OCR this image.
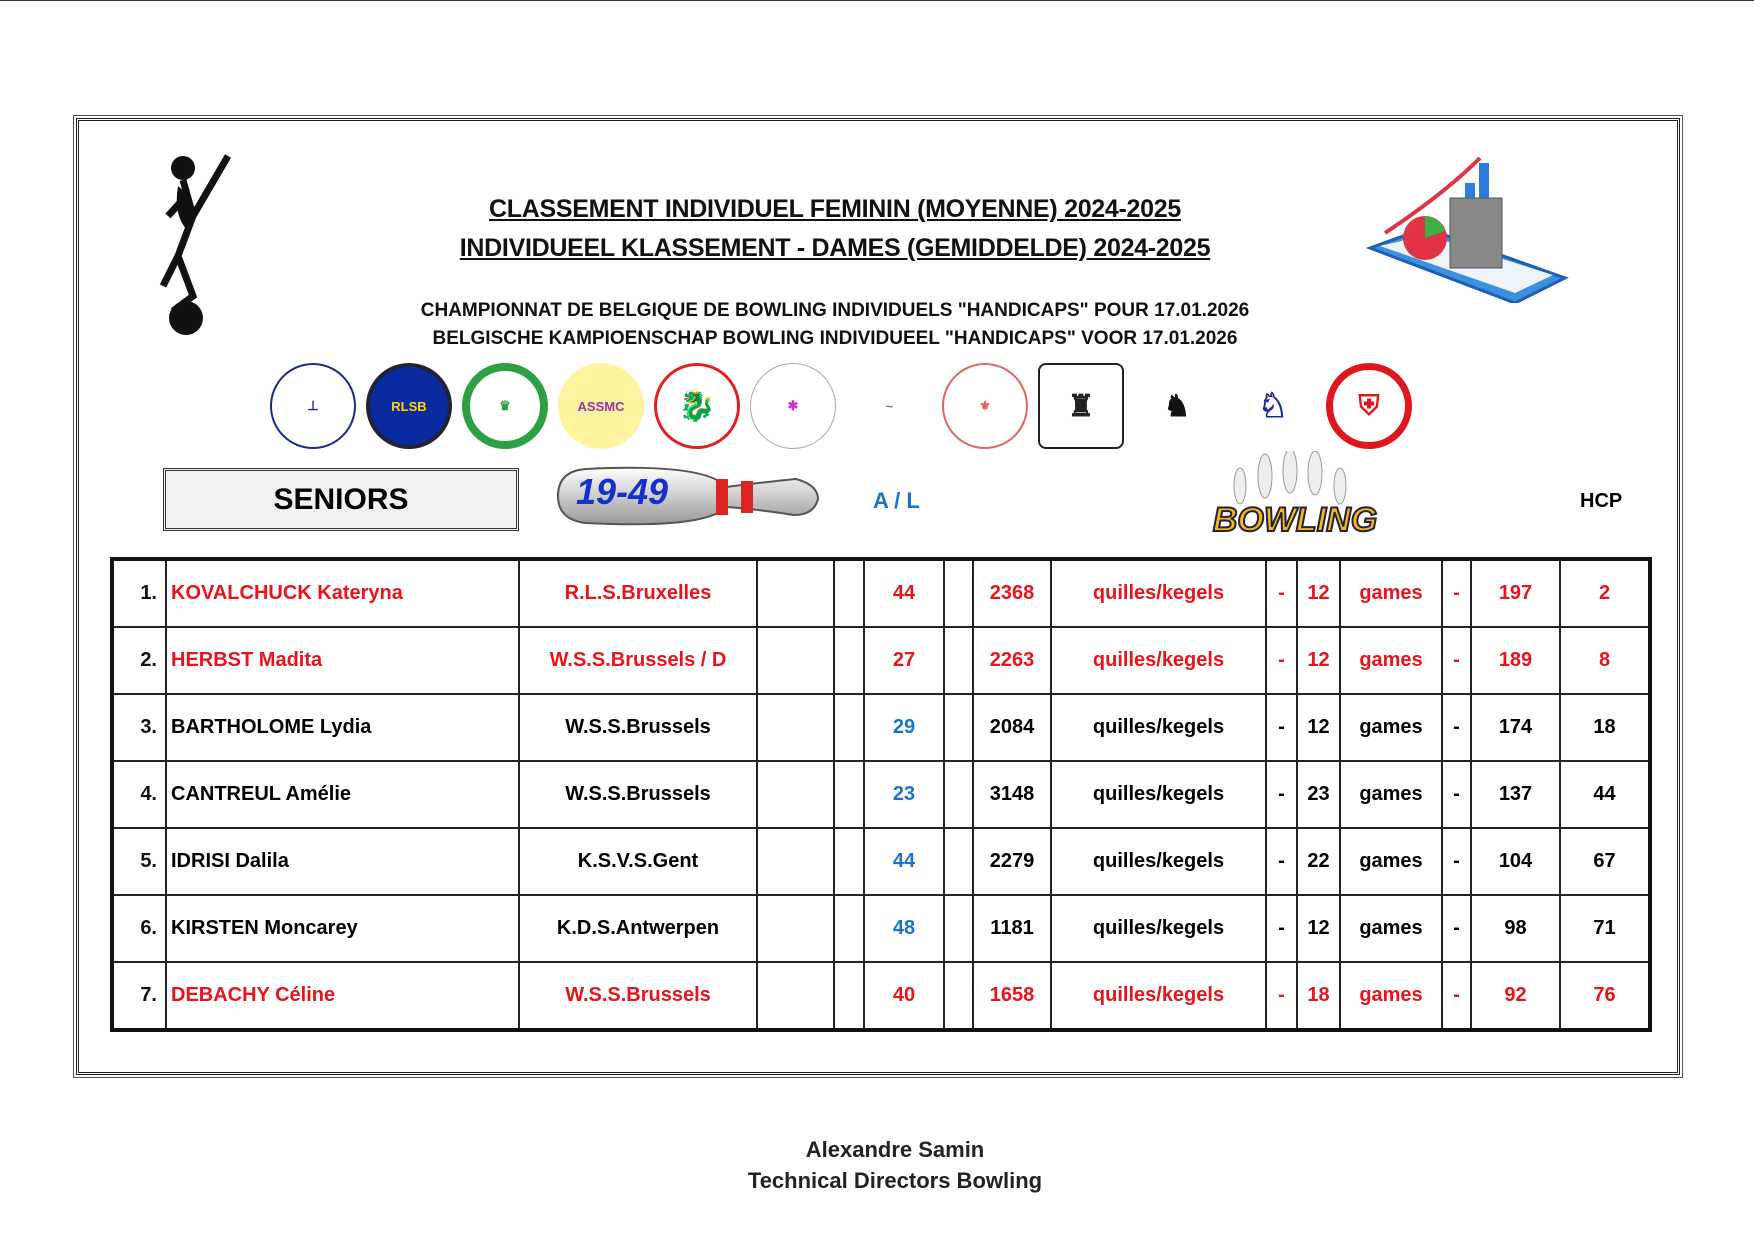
CLASSEMENT INDIVIDUEL FEMININ (MOYENNE) 2024-2025
INDIVIDUEEL KLASSEMENT - DAMES (GEMIDDELDE) 2024-2025
CHAMPIONNAT DE BELGIQUE DE BOWLING INDIVIDUELS "HANDICAPS" POUR 17.01.2026
BELGISCHE KAMPIOENSCHAP BOWLING INDIVIDUEEL "HANDICAPS" VOOR 17.01.2026
⊥	RLSB	♛	ASSMC	🐉	✱	~	⚜	♜	♞	♘	⛨
SENIORS	19-49	A / L
BOWLING	HCP
1.	KOVALCHUCK Kateryna	R.L.S.Bruxelles			44		2368	quilles/kegels	-	12	games	-	197	2
2.	HERBST Madita	W.S.S.Brussels / D			27		2263	quilles/kegels	-	12	games	-	189	8
3.	BARTHOLOME Lydia	W.S.S.Brussels			29		2084	quilles/kegels	-	12	games	-	174	18
4.	CANTREUL Amélie	W.S.S.Brussels			23		3148	quilles/kegels	-	23	games	-	137	44
5.	IDRISI Dalila	K.S.V.S.Gent			44		2279	quilles/kegels	-	22	games	-	104	67
6.	KIRSTEN Moncarey	K.D.S.Antwerpen			48		1181	quilles/kegels	-	12	games	-	98	71
7.	DEBACHY Céline	W.S.S.Brussels			40		1658	quilles/kegels	-	18	games	-	92	76
Alexandre Samin
Technical Directors Bowling
